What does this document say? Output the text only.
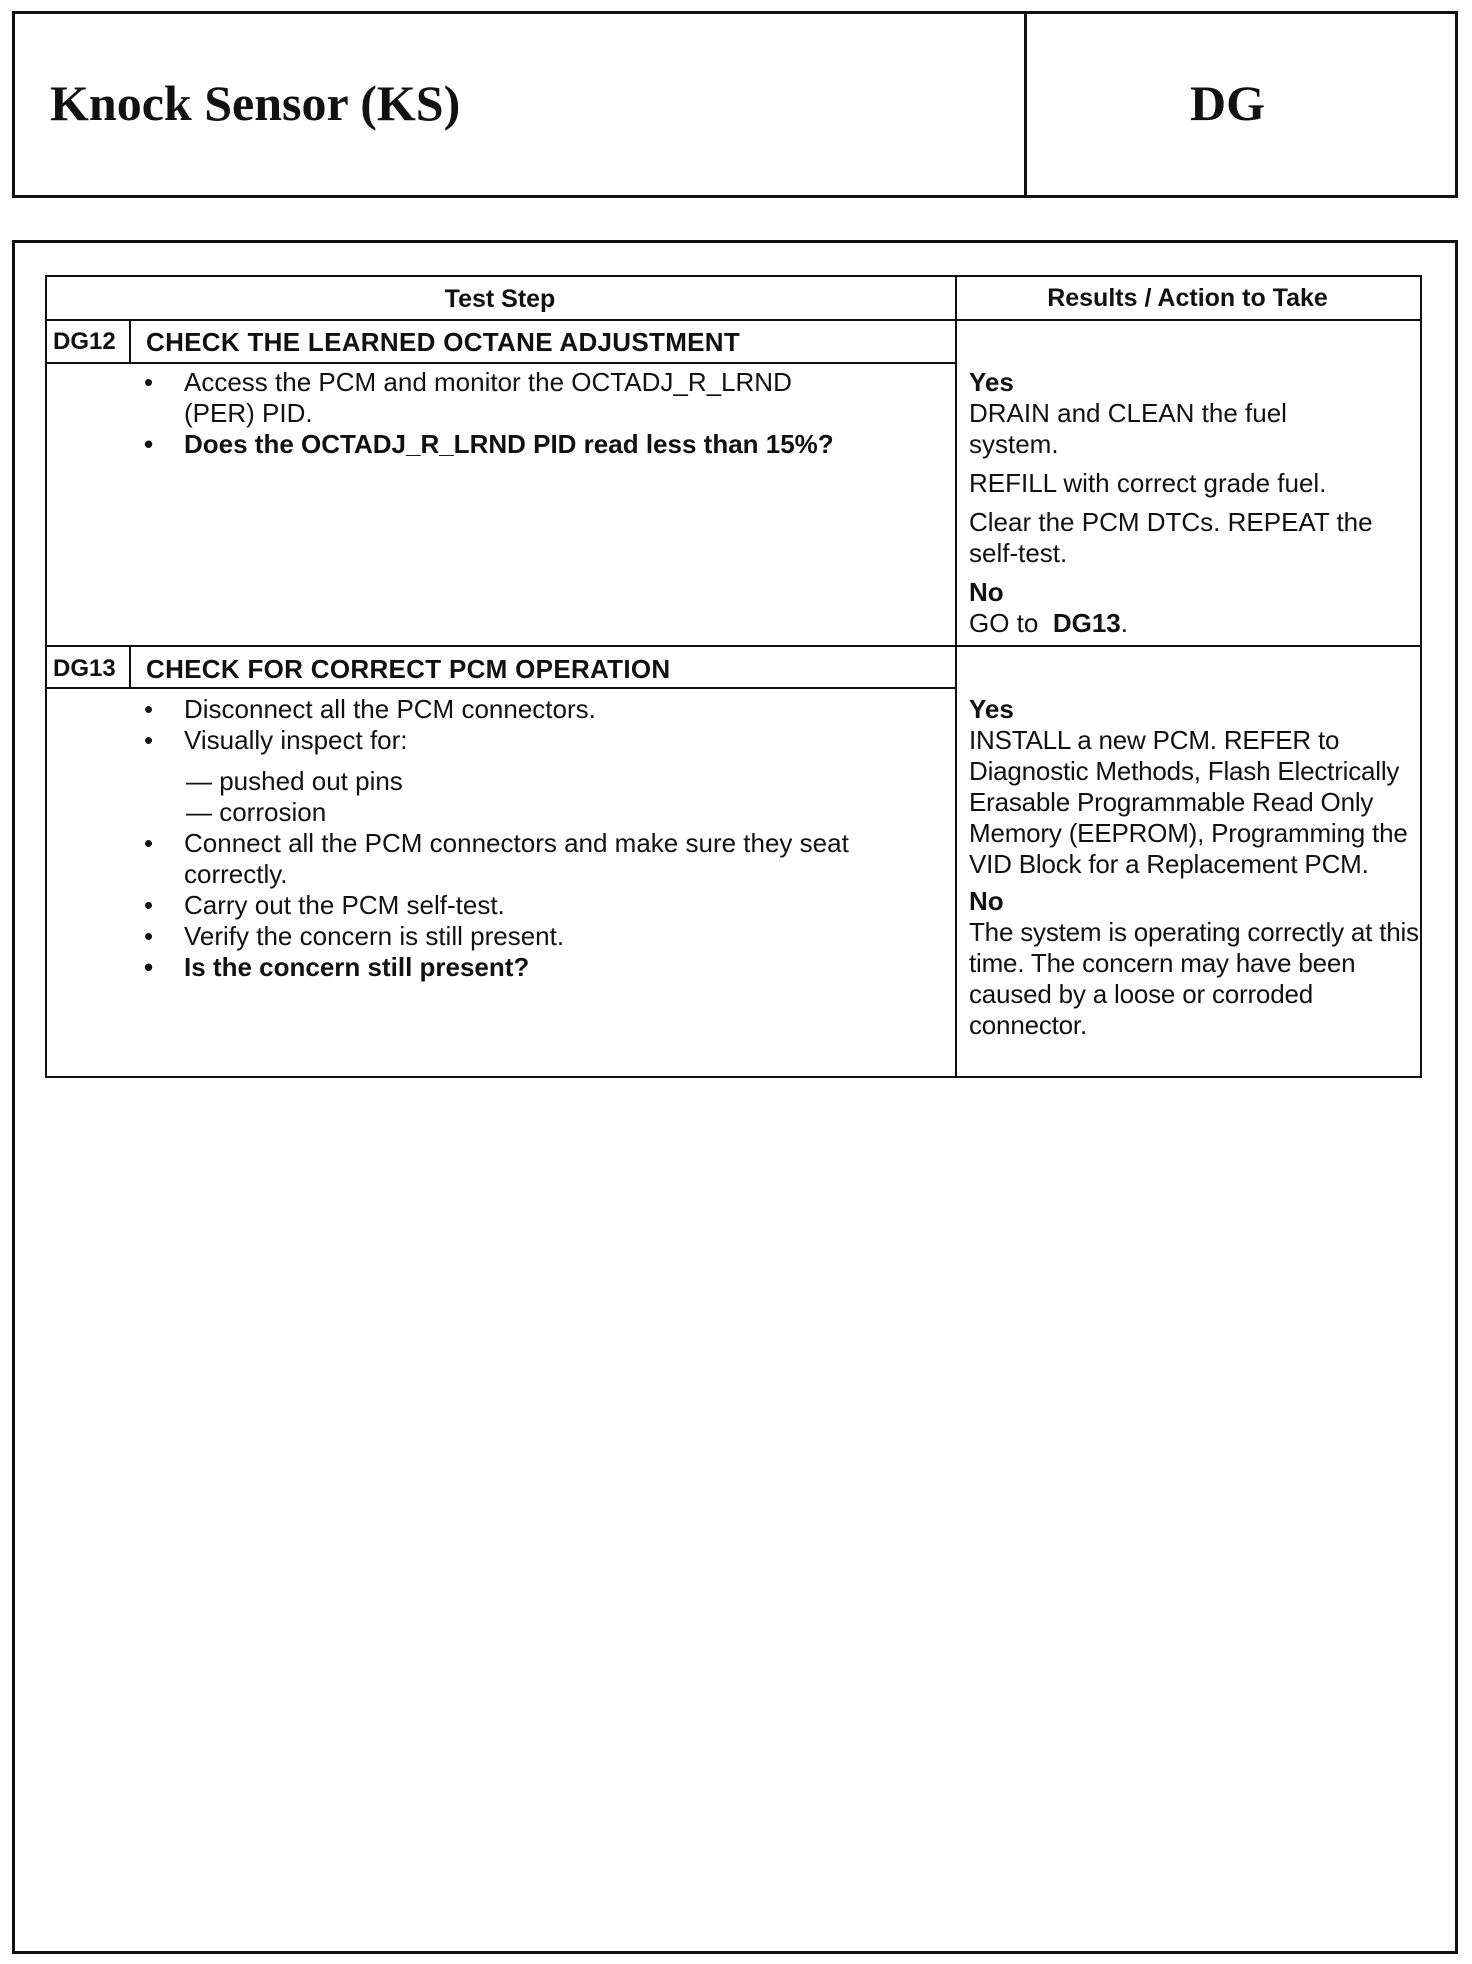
Knock Sensor (KS)	DG
Test Step	Results / Action to Take
DG12 CHECK THE LEARNED OCTANE ADJUSTMENT
• Access the PCM and monitor the OCTADJ_R_LRND (PER) PID.
• Does the OCTADJ_R_LRND PID read less than 15%?
Yes

DRAIN and CLEAN the fuel system.

REFILL with correct grade fuel.

Clear the PCM DTCs. REPEAT the self-test.

No

GO to DG13.

DG13 CHECK FOR CORRECT PCM OPERATION
• Disconnect all the PCM connectors.
• Visually inspect for:
— pushed out pins
— corrosion
• Connect all the PCM connectors and make sure they seat correctly.
• Carry out the PCM self-test.
• Verify the concern is still present.
• Is the concern still present?
Yes

INSTALL a new PCM. REFER to Diagnostic Methods, Flash Electrically Erasable Programmable Read Only Memory (EEPROM), Programming the VID Block for a Replacement PCM.

No

The system is operating correctly at this time. The concern may have been caused by a loose or corroded connector.
